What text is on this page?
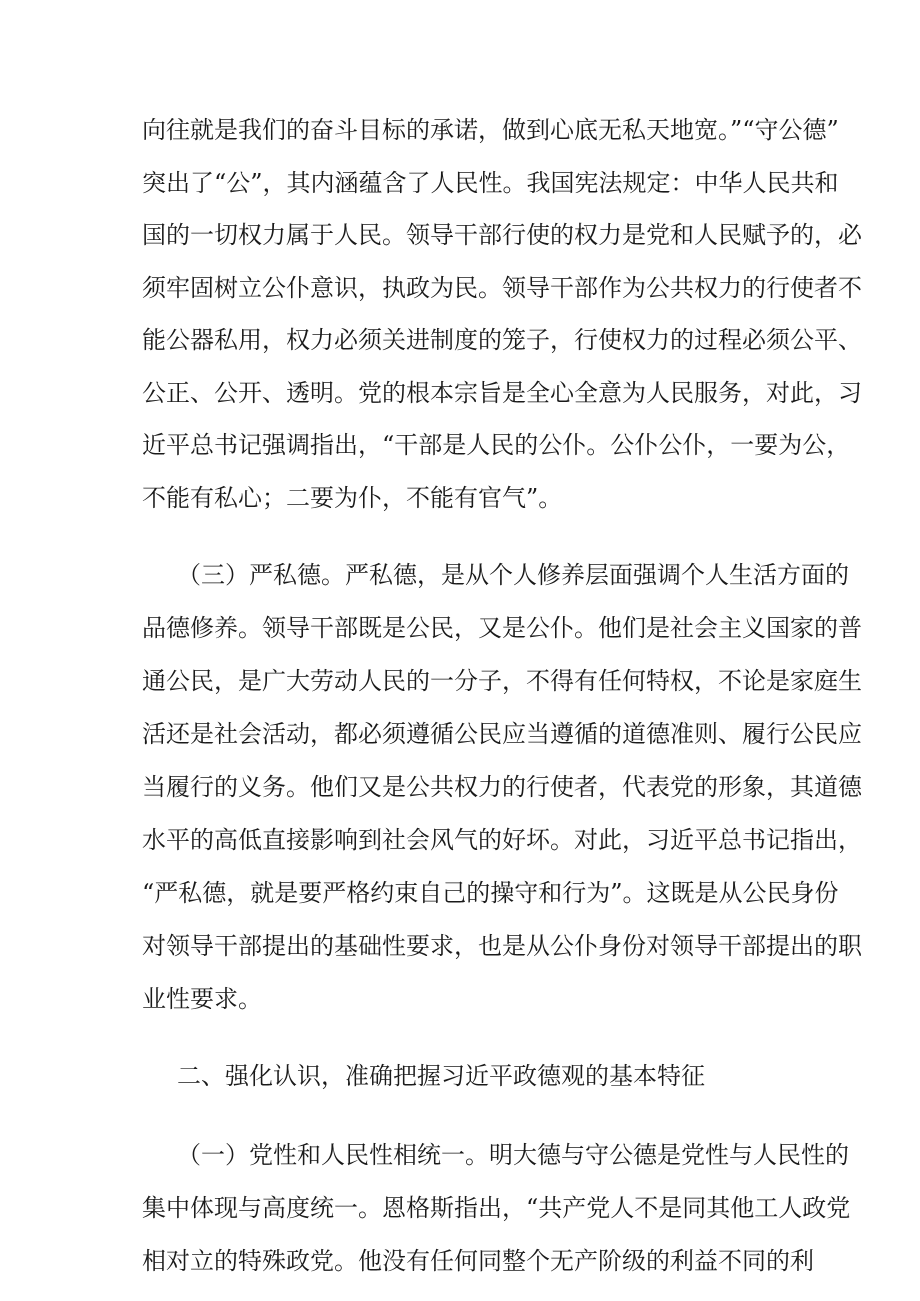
向往就是我们的奋斗目标的承诺，做到心底无私天地宽。”“守公德”
突出了“公”，其内涵蕴含了人民性。我国宪法规定：中华人民共和
国的一切权力属于人民。领导干部行使的权力是党和人民赋予的，必
须牢固树立公仆意识，执政为民。领导干部作为公共权力的行使者不
能公器私用，权力必须关进制度的笼子，行使权力的过程必须公平、
公正、公开、透明。党的根本宗旨是全心全意为人民服务，对此，习
近平总书记强调指出，“干部是人民的公仆。公仆公仆，一要为公，
不能有私心；二要为仆，不能有官气”。
（三）严私德。严私德，是从个人修养层面强调个人生活方面的
品德修养。领导干部既是公民，又是公仆。他们是社会主义国家的普
通公民，是广大劳动人民的一分子，不得有任何特权，不论是家庭生
活还是社会活动，都必须遵循公民应当遵循的道德准则、履行公民应
当履行的义务。他们又是公共权力的行使者，代表党的形象，其道德
水平的高低直接影响到社会风气的好坏。对此，习近平总书记指出，
“严私德，就是要严格约束自己的操守和行为”。这既是从公民身份
对领导干部提出的基础性要求，也是从公仆身份对领导干部提出的职
业性要求。
二、强化认识，准确把握习近平政德观的基本特征
（一）党性和人民性相统一。明大德与守公德是党性与人民性的
集中体现与高度统一。恩格斯指出，“共产党人不是同其他工人政党
相对立的特殊政党。他没有任何同整个无产阶级的利益不同的利
